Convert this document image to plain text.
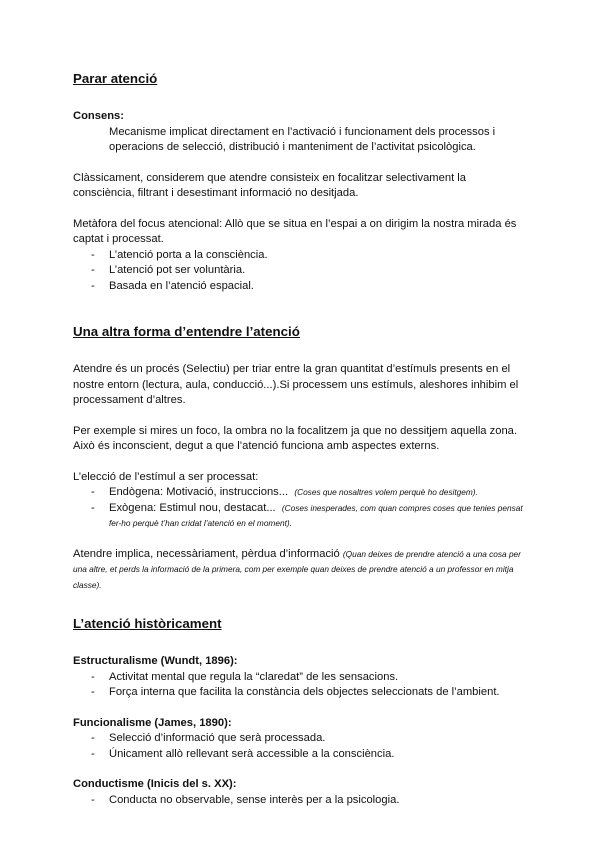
Parar atenció
Consens:

Mecanisme implicat directament en l’activació i funcionament dels processos i operacions de selecció, distribució i manteniment de l’activitat psicològica.

Clàssicament, considerem que atendre consisteix en focalitzar selectivament la consciència, filtrant i desestimant informació no desitjada.

Metàfora del focus atencional: Allò que se situa en l’espai a on dirigim la nostra mirada és captat i processat.

- L’atenció porta a la consciència.
- L’atenció pot ser voluntària.
- Basada en l’atenció espacial.
Una altra forma d’entendre l’atenció

Atendre és un procés (Selectiu) per triar entre la gran quantitat d’estímuls presents en el nostre entorn (lectura, aula, conducció...).Si processem uns estímuls, aleshores inhibim el processament d’altres.

Per exemple si mires un foco, la ombra no la focalitzem ja que no dessitjem aquella zona. Això és inconscient, degut a que l’atenció funciona amb aspectes externs.

L’elecció de l’estímul a ser processat:

- Endògena: Motivació, instruccions... (Coses que nosaltres volem perquè ho desitgem).
- Exògena: Estimul nou, destacat... (Coses inesperades, com quan compres coses que tenies pensat fer-ho perquè t’han cridat l’atenció en el moment).

Atendre implica, necessàriament, pèrdua d’informació (Quan deixes de prendre atenció a una cosa per una altre, et perds la informació de la primera, com per exemple quan deixes de prendre atenció a un professor en mitja classe).

L’atenció històricament
Estructuralisme (Wundt, 1896):
- Activitat mental que regula la “claredat” de les sensacions.
- Força interna que facilita la constància dels objectes seleccionats de l’ambient.
Funcionalisme (James, 1890):
- Selecció d’informació que serà processada.
- Únicament allò rellevant serà accessible a la consciència.
Conductisme (Inicis del s. XX):
- Conducta no observable, sense interès per a la psicologia.
